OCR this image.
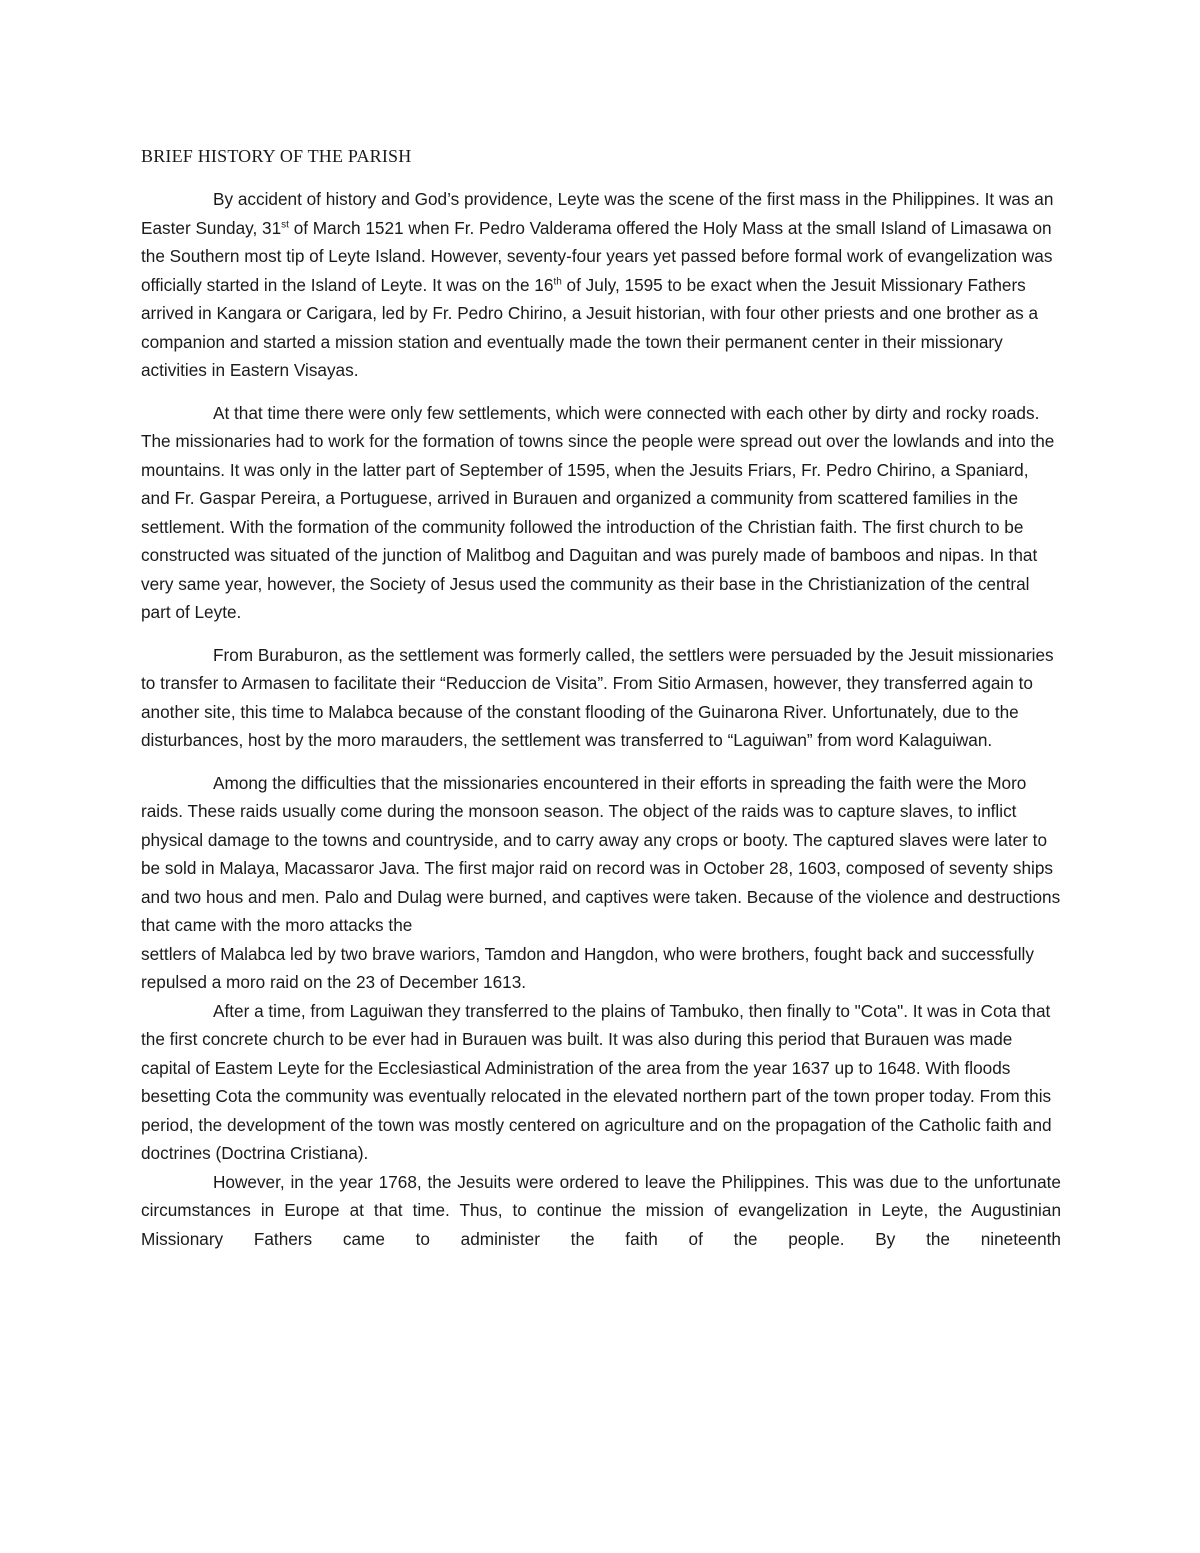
BRIEF HISTORY OF THE PARISH

By accident of history and God’s providence, Leyte was the scene of the first mass in the Philippines. It was an Easter Sunday, 31st of March 1521 when Fr. Pedro Valderama offered the Holy Mass at the small Island of Limasawa on the Southern most tip of Leyte Island. However, seventy-four years yet passed before formal work of evangelization was officially started in the Island of Leyte. It was on the 16th of July, 1595 to be exact when the Jesuit Missionary Fathers arrived in Kangara or Carigara, led by Fr. Pedro Chirino, a Jesuit historian, with four other priests and one brother as a companion and started a mission station and eventually made the town their permanent center in their missionary activities in Eastern Visayas.

At that time there were only few settlements, which were connected with each other by dirty and rocky roads. The missionaries had to work for the formation of towns since the people were spread out over the lowlands and into the mountains. It was only in the latter part of September of 1595, when the Jesuits Friars, Fr. Pedro Chirino, a Spaniard, and Fr. Gaspar Pereira, a Portuguese, arrived in Burauen and organized a community from scattered families in the settlement. With the formation of the community followed the introduction of the Christian faith. The first church to be constructed was situated of the junction of Malitbog and Daguitan and was purely made of bamboos and nipas. In that very same year, however, the Society of Jesus used the community as their base in the Christianization of the central part of Leyte.

From Buraburon, as the settlement was formerly called, the settlers were persuaded by the Jesuit missionaries to transfer to Armasen to facilitate their “Reduccion de Visita”. From Sitio Armasen, however, they transferred again to another site, this time to Malabca because of the constant flooding of the Guinarona River. Unfortunately, due to the disturbances, host by the moro marauders, the settlement was transferred to “Laguiwan” from word Kalaguiwan.

Among the difficulties that the missionaries encountered in their efforts in spreading the faith were the Moro raids. These raids usually come during the monsoon season. The object of the raids was to capture slaves, to inflict physical damage to the towns and countryside, and to carry away any crops or booty. The captured slaves were later to be sold in Malaya, Macassaror Java. The first major raid on record was in October 28, 1603, composed of seventy ships and two hous and men. Palo and Dulag were burned, and captives were taken. Because of the violence and destructions that came with the moro attacks the

settlers of Malabca led by two brave wariors, Tamdon and Hangdon, who were brothers, fought back and successfully repulsed a moro raid on the 23 of December 1613.

After a time, from Laguiwan they transferred to the plains of Tambuko, then finally to "Cota". It was in Cota that the first concrete church to be ever had in Burauen was built. It was also during this period that Burauen was made capital of Eastem Leyte for the Ecclesiastical Administration of the area from the year 1637 up to 1648. With floods besetting Cota the community was eventually relocated in the elevated northern part of the town proper today. From this period, the development of the town was mostly centered on agriculture and on the propagation of the Catholic faith and doctrines (Doctrina Cristiana).

However, in the year 1768, the Jesuits were ordered to leave the Philippines. This was due to the unfortunate circumstances in Europe at that time. Thus, to continue the mission of evangelization in Leyte, the Augustinian Missionary Fathers came to administer the faith of the people. By the nineteenth
